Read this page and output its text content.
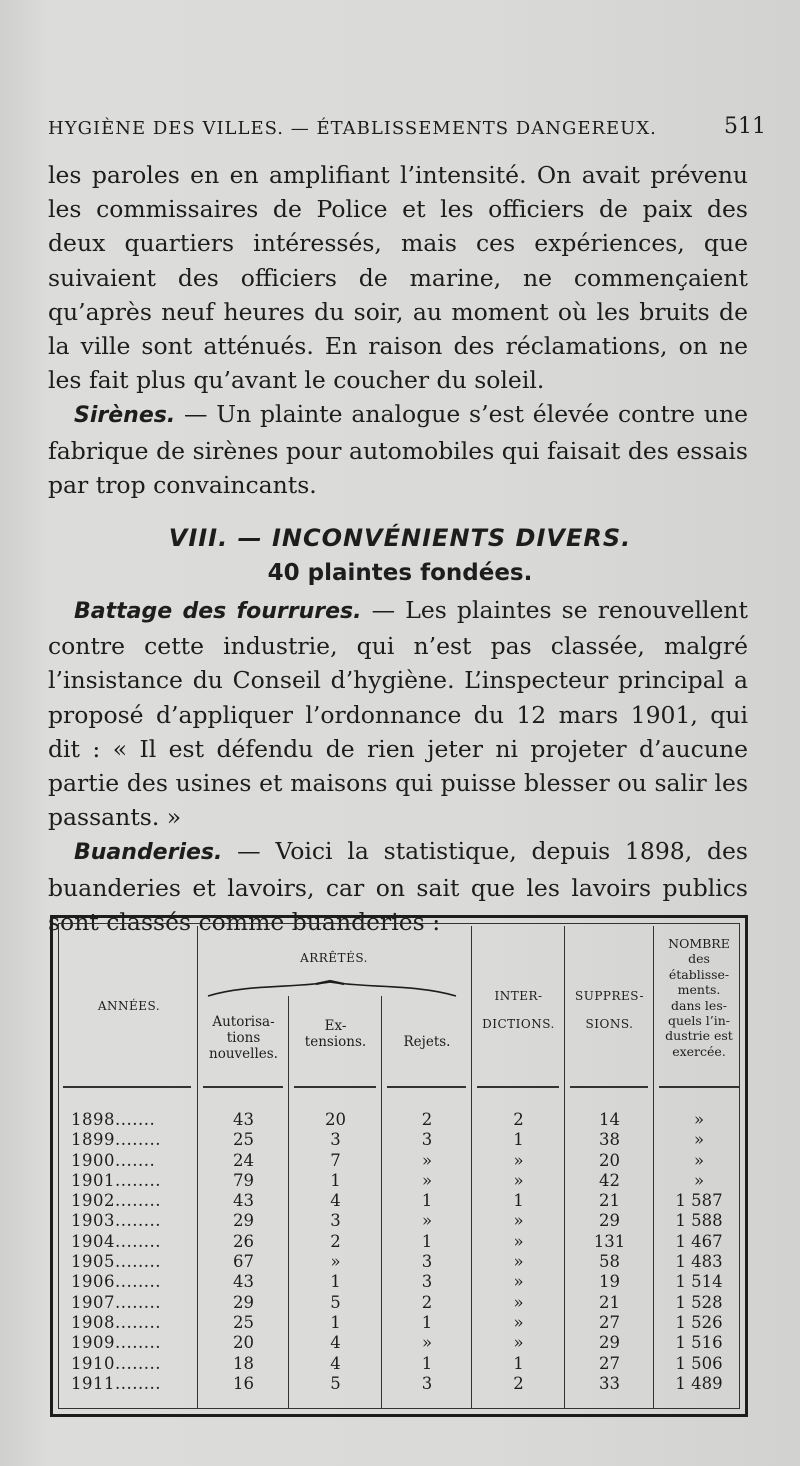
HYGIÈNE DES VILLES. — ÉTABLISSEMENTS DANGEREUX.	511

les paroles en en amplifiant l’intensité. On avait prévenu les commissaires de Police et les officiers de paix des deux quartiers intéressés, mais ces expériences, que suivaient des officiers de marine, ne commençaient qu’après neuf heures du soir, au moment où les bruits de la ville sont atténués. En raison des réclamations, on ne les fait plus qu’avant le coucher du soleil.

Sirènes. — Un plainte analogue s’est élevée contre une fabrique de sirènes pour automobiles qui faisait des essais par trop convaincants.

VIII. — INCONVÉNIENTS DIVERS.
40 plaintes fondées.

Battage des fourrures. — Les plaintes se renouvellent contre cette industrie, qui n’est pas classée, malgré l’insistance du Conseil d’hygiène. L’inspecteur principal a proposé d’appliquer l’ordonnance du 12 mars 1901, qui dit : « Il est défendu de rien jeter ni projeter d’aucune partie des usines et maisons qui puisse blesser ou salir les passants. »

Buanderies. — Voici la statistique, depuis 1898, des buanderies et lavoirs, car on sait que les lavoirs publics sont classés comme buanderies :

ANNÉES.
ARRÊTÉS.
Autorisa-
tions
nouvelles.
Ex-
tensions.	Rejets.
INTER-
DICTIONS.
SUPPRES-
SIONS.
NOMBRE
des
établisse-
ments.
dans les-
quels l’in-
dustrie est
exercée.
1898.......
1899........
1900.......
1901........
1902........
1903........
1904........
1905........
1906........
1907........
1908........
1909........
1910........
1911........
43
25
24
79
43
29
26
67
43
29
25
20
18
16
20
3
7
1
4
3
2
»
1
5
1
4
4
5
2
3
»
»
1
»
1
3
3
2
1
»
1
3
2
1
»
»
1
»
»
»
»
»
»
»
1
2
14
38
20
42
21
29
131
58
19
21
27
29
27
33
»
»
»
»
1 587
1 588
1 467
1 483
1 514
1 528
1 526
1 516
1 506
1 489
